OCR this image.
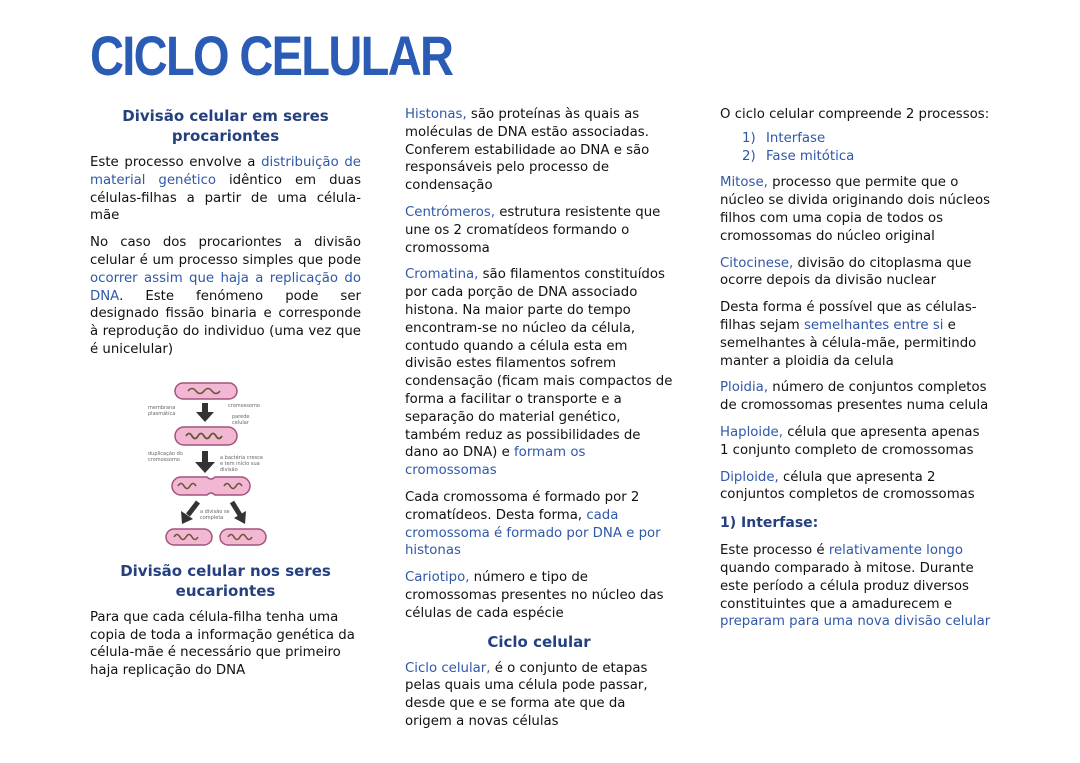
CICLO CELULAR
Divisão celular em seres procariontes

Este processo envolve a distribuição de material genético idêntico em duas células-filhas a partir de uma célula-mãe

No caso dos procariontes a divisão celular é um processo simples que pode ocorrer assim que haja a replicação do DNA. Este fenómeno pode ser designado fissão binaria e corresponde à reprodução do individuo (uma vez que é unicelular)

membrana plasmática
cromossomo
parede celular
duplicação do cromossomo	a bactéria cresce e tem início sua divisão
a divisão se completa
Divisão celular nos seres eucariontes

Para que cada célula-filha tenha uma copia de toda a informação genética da célula-mãe é necessário que primeiro haja replicação do DNA

Histonas, são proteínas às quais as moléculas de DNA estão associadas. Conferem estabilidade ao DNA e são responsáveis pelo processo de condensação

Centrómeros, estrutura resistente que une os 2 cromatídeos formando o cromossoma

Cromatina, são filamentos constituídos por cada porção de DNA associado histona. Na maior parte do tempo encontram-se no núcleo da célula, contudo quando a célula esta em divisão estes filamentos sofrem condensação (ficam mais compactos de forma a facilitar o transporte e a separação do material genético, também reduz as possibilidades de dano ao DNA) e formam os cromossomas

Cada cromossoma é formado por 2 cromatídeos. Desta forma, cada cromossoma é formado por DNA e por histonas

Cariotipo, número e tipo de cromossomas presentes no núcleo das células de cada espécie

Ciclo celular

Ciclo celular, é o conjunto de etapas pelas quais uma célula pode passar, desde que e se forma ate que da origem a novas células

O ciclo celular compreende 2 processos:

1) Interfase
2) Fase mitótica

Mitose, processo que permite que o núcleo se divida originando dois núcleos filhos com uma copia de todos os cromossomas do núcleo original

Citocinese, divisão do citoplasma que ocorre depois da divisão nuclear

Desta forma é possível que as células-filhas sejam semelhantes entre si e semelhantes à célula-mãe, permitindo manter a ploidia da celula

Ploidia, número de conjuntos completos de cromossomas presentes numa celula

Haploide, célula que apresenta apenas 1 conjunto completo de cromossomas

Diploide, célula que apresenta 2 conjuntos completos de cromossomas

1) Interfase:

Este processo é relativamente longo quando comparado à mitose. Durante este período a célula produz diversos constituintes que a amadurecem e preparam para uma nova divisão celular
